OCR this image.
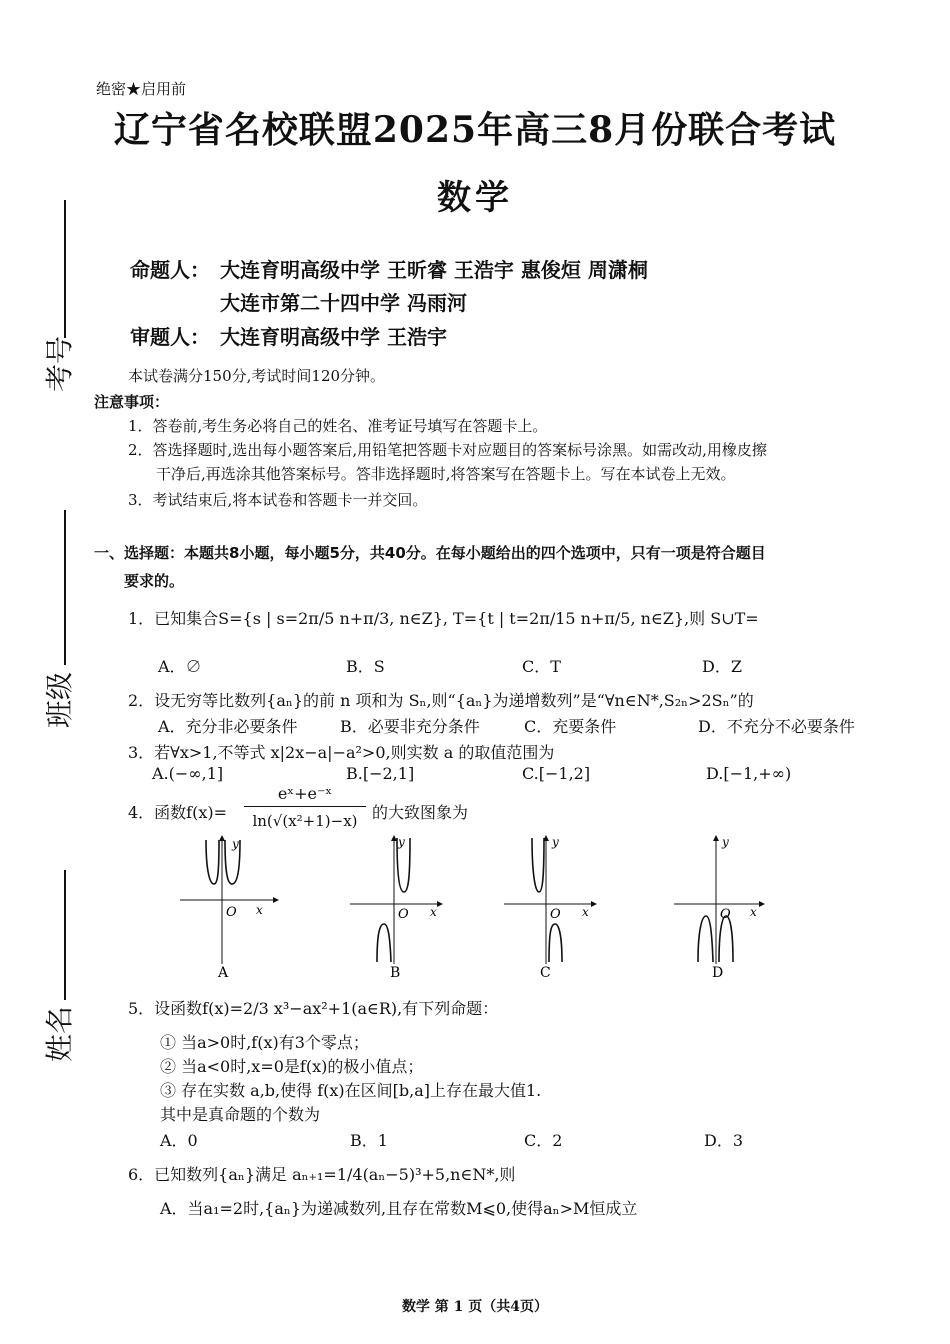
绝密★启用前
辽宁省名校联盟2025年高三8月份联合考试
数学
命题人： 大连育明高级中学 王昕睿 王浩宇 惠俊烜 周潇桐
大连市第二十四中学 冯雨河
审题人： 大连育明高级中学 王浩宇
考号
班级
姓名
本试卷满分150分,考试时间120分钟。
注意事项：
1．答卷前,考生务必将自己的姓名、准考证号填写在答题卡上。
2．答选择题时,选出每小题答案后,用铅笔把答题卡对应题目的答案标号涂黑。如需改动,用橡皮擦
干净后,再选涂其他答案标号。答非选择题时,将答案写在答题卡上。写在本试卷上无效。
3．考试结束后,将本试卷和答题卡一并交回。
一、选择题：本题共8小题，每小题5分，共40分。在每小题给出的四个选项中，只有一项是符合题目
要求的。
1．已知集合S={s | s=2π/5 n+π/3, n∈Z}, T={t | t=2π/15 n+π/5, n∈Z},则 S∪T=
A．∅	B．S	C．T	D．Z
2．设无穷等比数列{aₙ}的前 n 项和为 Sₙ,则“{aₙ}为递增数列”是“∀n∈N*,S₂ₙ>2Sₙ”的
A．充分非必要条件	B．必要非充分条件	C．充要条件	D．不充分不必要条件
3．若∀x>1,不等式 x|2x−a|−a²>0,则实数 a 的取值范围为
A.(−∞,1]	B.[−2,1]	C.[−1,2]	D.[−1,+∞)
4．函数f(x)=
eˣ+e⁻ˣ
ln(√(x²+1)−x) 的大致图象为
y
O x
A
y
O x
B
y
O x
C
y
O x
D
5．设函数f(x)=2/3 x³−ax²+1(a∈R),有下列命题：
① 当a>0时,f(x)有3个零点；
② 当a<0时,x=0是f(x)的极小值点；
③ 存在实数 a,b,使得 f(x)在区间[b,a]上存在最大值1.
其中是真命题的个数为
A．0	B．1	C．2	D．3
6．已知数列{aₙ}满足 aₙ₊₁=1/4(aₙ−5)³+5,n∈N*,则
A．当a₁=2时,{aₙ}为递减数列,且存在常数M⩽0,使得aₙ>M恒成立
数学 第 1 页（共4页）
